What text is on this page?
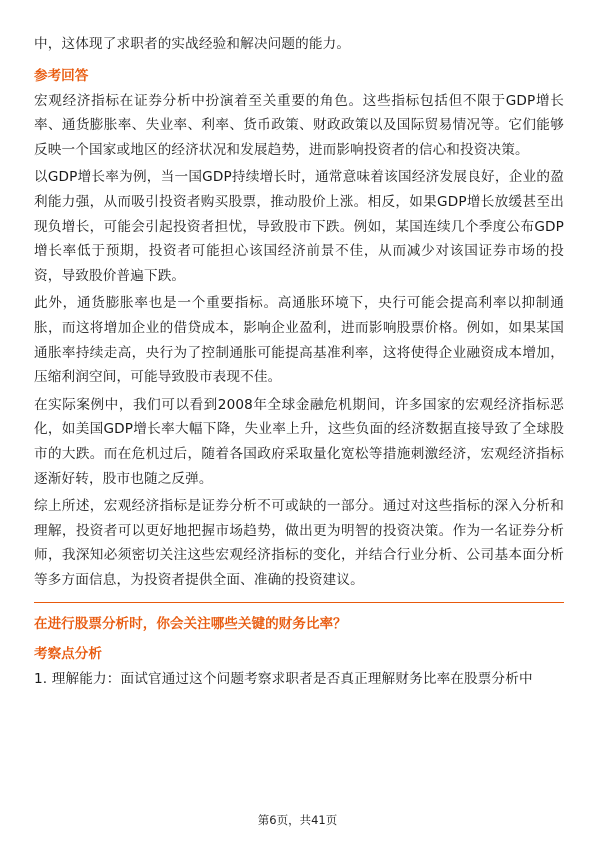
中，这体现了求职者的实战经验和解决问题的能力。

参考回答

宏观经济指标在证券分析中扮演着至关重要的角色。这些指标包括但不限于GDP增长率、通货膨胀率、失业率、利率、货币政策、财政政策以及国际贸易情况等。它们能够反映一个国家或地区的经济状况和发展趋势，进而影响投资者的信心和投资决策。

以GDP增长率为例，当一国GDP持续增长时，通常意味着该国经济发展良好，企业的盈利能力强，从而吸引投资者购买股票，推动股价上涨。相反，如果GDP增长放缓甚至出现负增长，可能会引起投资者担忧，导致股市下跌。例如，某国连续几个季度公布GDP增长率低于预期，投资者可能担心该国经济前景不佳，从而减少对该国证券市场的投资，导致股价普遍下跌。

此外，通货膨胀率也是一个重要指标。高通胀环境下，央行可能会提高利率以抑制通胀，而这将增加企业的借贷成本，影响企业盈利，进而影响股票价格。例如，如果某国通胀率持续走高，央行为了控制通胀可能提高基准利率，这将使得企业融资成本增加，压缩利润空间，可能导致股市表现不佳。

在实际案例中，我们可以看到2008年全球金融危机期间，许多国家的宏观经济指标恶化，如美国GDP增长率大幅下降，失业率上升，这些负面的经济数据直接导致了全球股市的大跌。而在危机过后，随着各国政府采取量化宽松等措施刺激经济，宏观经济指标逐渐好转，股市也随之反弹。

综上所述，宏观经济指标是证券分析不可或缺的一部分。通过对这些指标的深入分析和理解，投资者可以更好地把握市场趋势，做出更为明智的投资决策。作为一名证券分析师，我深知必须密切关注这些宏观经济指标的变化，并结合行业分析、公司基本面分析等多方面信息，为投资者提供全面、准确的投资建议。

在进行股票分析时，你会关注哪些关键的财务比率？
考察点分析

1. 理解能力：面试官通过这个问题考察求职者是否真正理解财务比率在股票分析中

第6页，共41页
